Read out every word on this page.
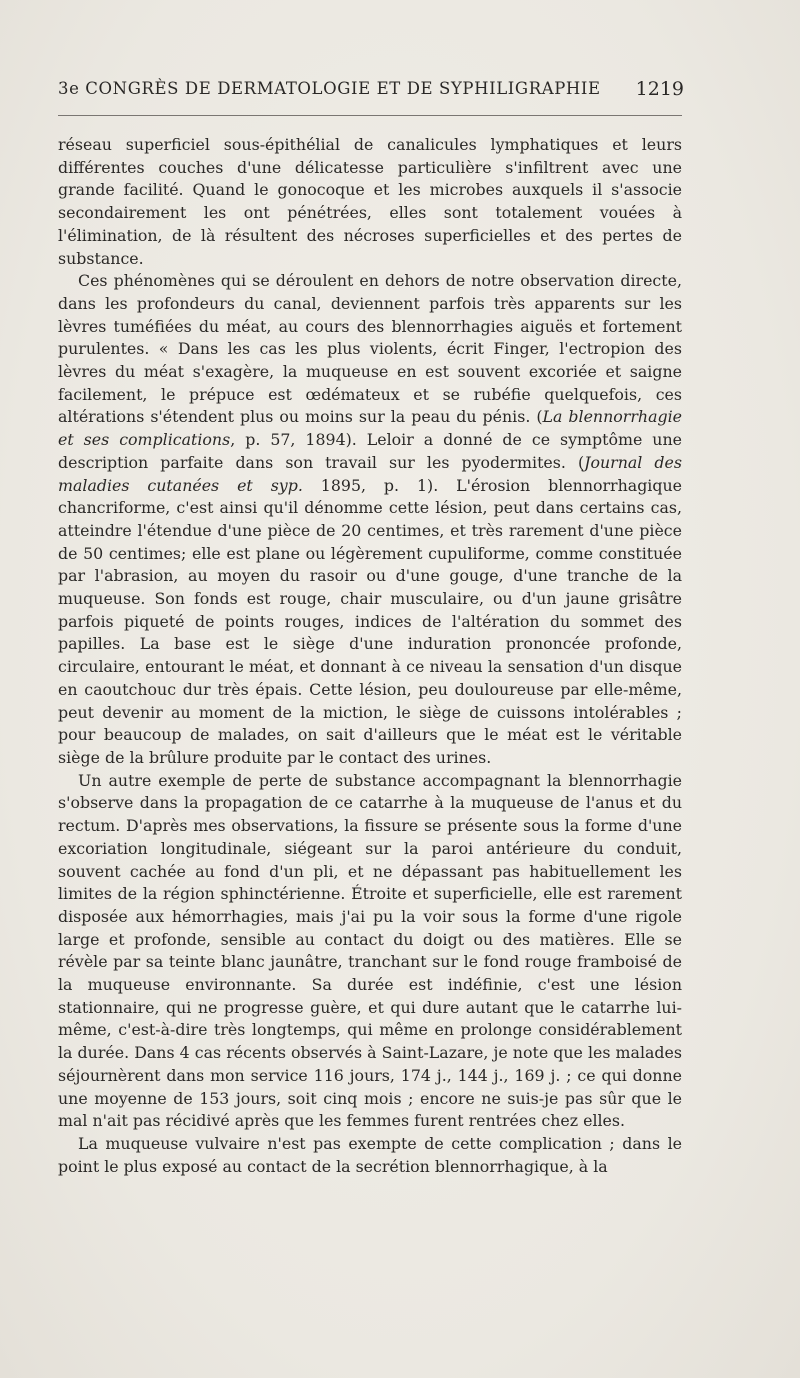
3e CONGRÈS DE DERMATOLOGIE ET DE SYPHILIGRAPHIE 1219

réseau superficiel sous-épithélial de canalicules lymphatiques et leurs différentes couches d'une délicatesse particulière s'infiltrent avec une grande facilité. Quand le gonocoque et les microbes auxquels il s'associe secondairement les ont pénétrées, elles sont totalement vouées à l'élimination, de là résultent des nécroses superficielles et des pertes de substance.

Ces phénomènes qui se déroulent en dehors de notre observation directe, dans les profondeurs du canal, deviennent parfois très apparents sur les lèvres tuméfiées du méat, au cours des blennorrhagies aiguës et fortement purulentes. « Dans les cas les plus violents, écrit Finger, l'ectropion des lèvres du méat s'exagère, la muqueuse en est souvent excoriée et saigne facilement, le prépuce est œdémateux et se rubéfie quelquefois, ces altérations s'étendent plus ou moins sur la peau du pénis. (La blennorrhagie et ses complications, p. 57, 1894). Leloir a donné de ce symptôme une description parfaite dans son travail sur les pyodermites. (Journal des maladies cutanées et syp. 1895, p. 1). L'érosion blennorrhagique chancriforme, c'est ainsi qu'il dénomme cette lésion, peut dans certains cas, atteindre l'étendue d'une pièce de 20 centimes, et très rarement d'une pièce de 50 centimes; elle est plane ou légèrement cupuliforme, comme constituée par l'abrasion, au moyen du rasoir ou d'une gouge, d'une tranche de la muqueuse. Son fonds est rouge, chair musculaire, ou d'un jaune grisâtre parfois piqueté de points rouges, indices de l'altération du sommet des papilles. La base est le siège d'une induration prononcée profonde, circulaire, entourant le méat, et donnant à ce niveau la sensation d'un disque en caoutchouc dur très épais. Cette lésion, peu douloureuse par elle-même, peut devenir au moment de la miction, le siège de cuissons intolérables ; pour beaucoup de malades, on sait d'ailleurs que le méat est le véritable siège de la brûlure produite par le contact des urines.

Un autre exemple de perte de substance accompagnant la blennorrhagie s'observe dans la propagation de ce catarrhe à la muqueuse de l'anus et du rectum. D'après mes observations, la fissure se présente sous la forme d'une excoriation longitudinale, siégeant sur la paroi antérieure du conduit, souvent cachée au fond d'un pli, et ne dépassant pas habituellement les limites de la région sphinctérienne. Étroite et superficielle, elle est rarement disposée aux hémorrhagies, mais j'ai pu la voir sous la forme d'une rigole large et profonde, sensible au contact du doigt ou des matières. Elle se révèle par sa teinte blanc jaunâtre, tranchant sur le fond rouge framboisé de la muqueuse environnante. Sa durée est indéfinie, c'est une lésion stationnaire, qui ne progresse guère, et qui dure autant que le catarrhe lui-même, c'est-à-dire très longtemps, qui même en prolonge considérablement la durée. Dans 4 cas récents observés à Saint-Lazare, je note que les malades séjournèrent dans mon service 116 jours, 174 j., 144 j., 169 j. ; ce qui donne une moyenne de 153 jours, soit cinq mois ; encore ne suis-je pas sûr que le mal n'ait pas récidivé après que les femmes furent rentrées chez elles.

La muqueuse vulvaire n'est pas exempte de cette complication ; dans le point le plus exposé au contact de la secrétion blennorrhagique, à la
